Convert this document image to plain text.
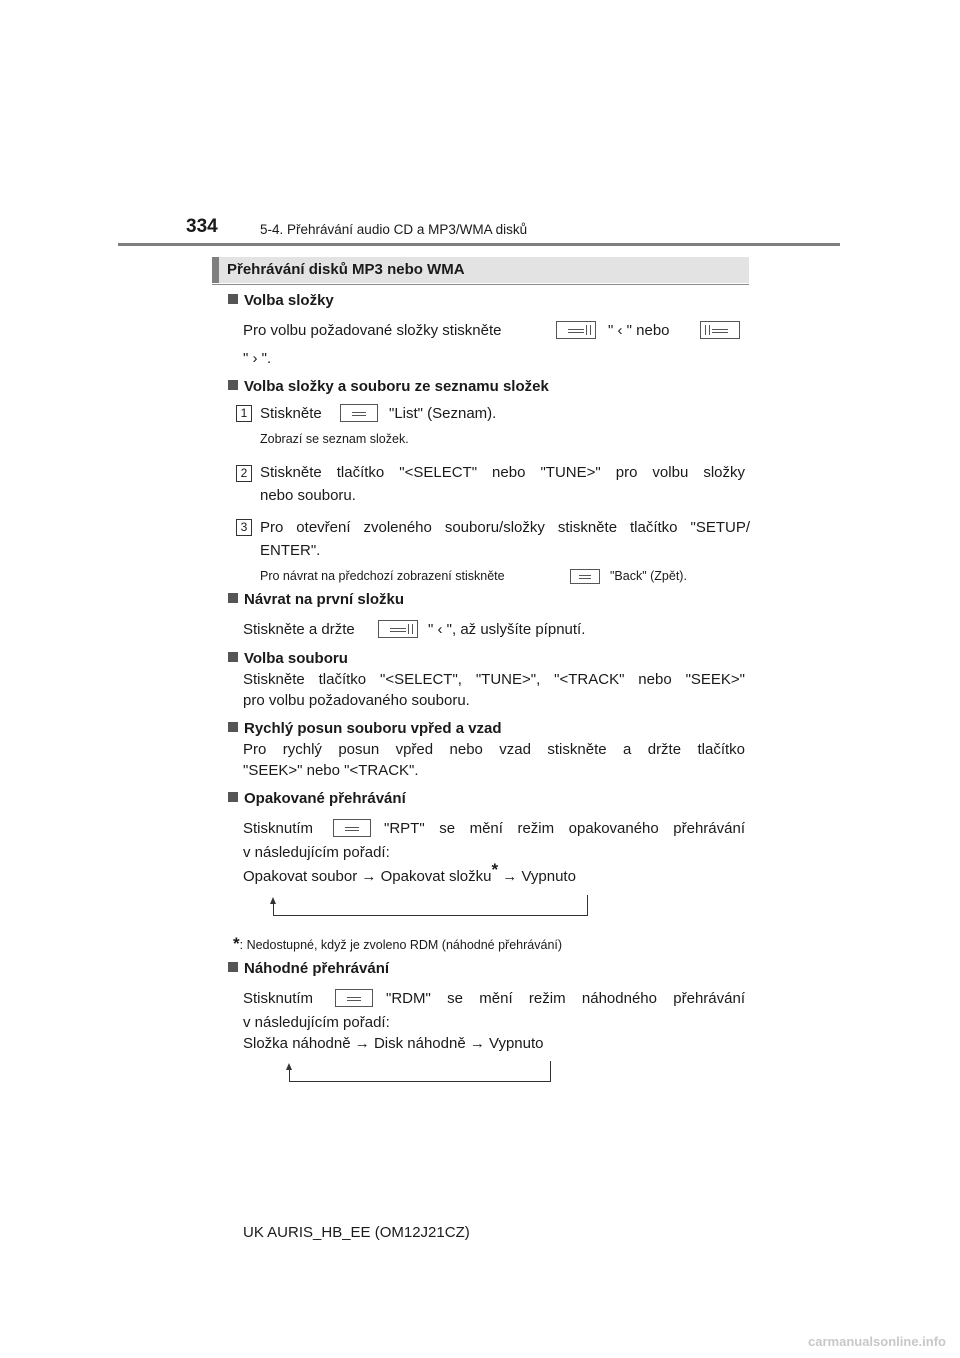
334	5-4. Přehrávání audio CD a MP3/WMA disků
Přehrávání disků MP3 nebo WMA
Volba složky
Pro volbu požadované složky stiskněte	" ‹ " nebo
" › ".
Volba složky a souboru ze seznamu složek
1 Stiskněte	"List" (Seznam).
Zobrazí se seznam složek.
2 Stiskněte tlačítko "<SELECT" nebo "TUNE>" pro volbu složky
nebo souboru.
3 Pro otevření zvoleného souboru/složky stiskněte tlačítko "SETUP/
ENTER".
Pro návrat na předchozí zobrazení stiskněte	"Back" (Zpět).
Návrat na první složku
Stiskněte a držte	" ‹ ", až uslyšíte pípnutí.
Volba souboru
Stiskněte tlačítko "<SELECT", "TUNE>", "<TRACK" nebo "SEEK>"
pro volbu požadovaného souboru.
Rychlý posun souboru vpřed a vzad
Pro rychlý posun vpřed nebo vzad stiskněte a držte tlačítko
"SEEK>" nebo "<TRACK".
Opakované přehrávání
Stisknutím	"RPT" se mění režim opakovaného přehrávání
v následujícím pořadí:
Opakovat soubor → Opakovat složku* → Vypnuto
*: Nedostupné, když je zvoleno RDM (náhodné přehrávání)
Náhodné přehrávání
Stisknutím	"RDM" se mění režim náhodného přehrávání
v následujícím pořadí:
Složka náhodně → Disk náhodně → Vypnuto
UK AURIS_HB_EE (OM12J21CZ)
carmanualsonline.info
